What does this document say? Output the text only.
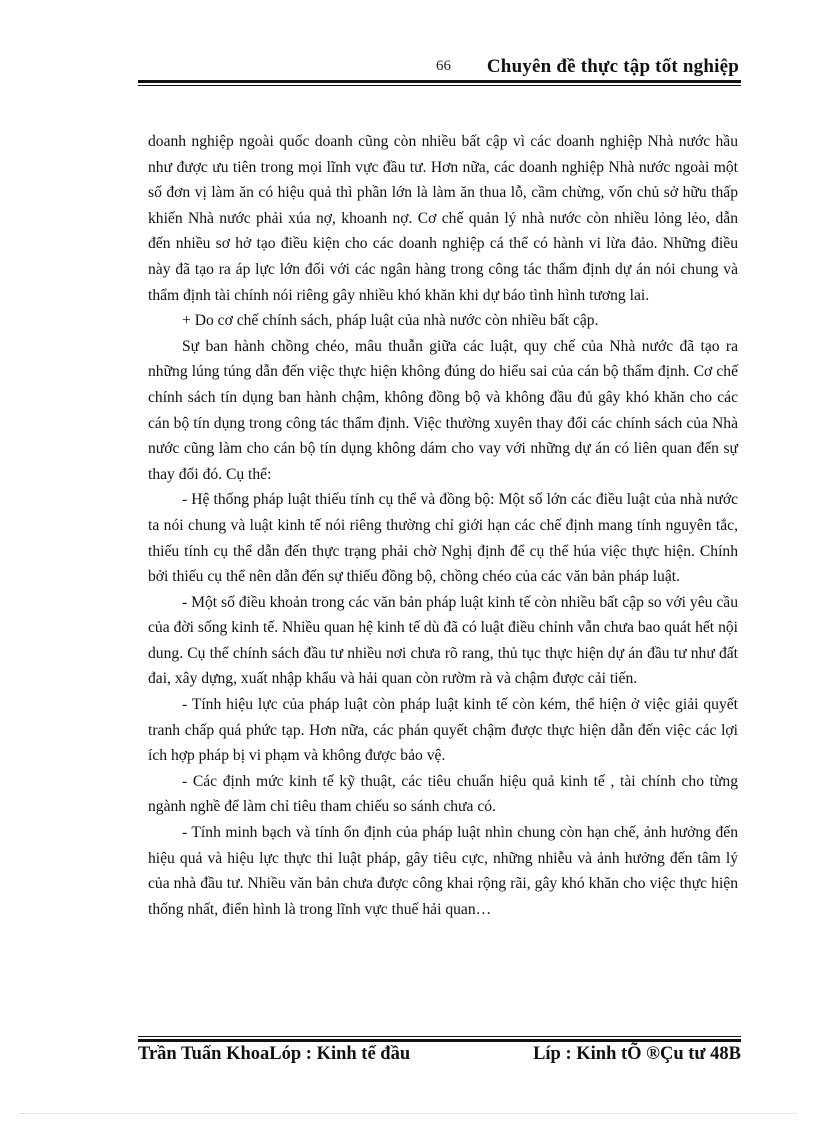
66 Chuyên đề thực tập tốt nghiệp

doanh nghiệp ngoài quốc doanh cũng còn nhiều bất cập vì các doanh nghiệp Nhà nước hầu như được ưu tiên trong mọi lĩnh vực đầu tư. Hơn nữa, các doanh nghiệp Nhà nước ngoài một số đơn vị làm ăn có hiệu quả thì phần lớn là làm ăn thua lỗ, cầm chừng, vốn chủ sở hữu thấp khiến Nhà nước phải xúa nợ, khoanh nợ. Cơ chế quản lý nhà nước còn nhiều lỏng lẻo, dẫn đến nhiều sơ hở tạo điều kiện cho các doanh nghiệp cá thể có hành vi lừa đảo. Những điều này đã tạo ra áp lực lớn đối với các ngân hàng trong công tác thẩm định dự án nói chung và thẩm định tài chính nói riêng gây nhiều khó khăn khi dự báo tình hình tương lai.

+ Do cơ chế chính sách, pháp luật của nhà nước còn nhiều bất cập.

Sự ban hành chồng chéo, mâu thuẫn giữa các luật, quy chế của Nhà nước đã tạo ra những lúng túng dẫn đến việc thực hiện không đúng do hiểu sai của cán bộ thẩm định. Cơ chế chính sách tín dụng ban hành chậm, không đồng bộ và không đầu đủ gây khó khăn cho các cán bộ tín dụng trong công tác thẩm định. Việc thường xuyên thay đổi các chính sách của Nhà nước cũng làm cho cán bộ tín dụng không dám cho vay với những dự án có liên quan đến sự thay đổi đó. Cụ thể:

- Hệ thống pháp luật thiếu tính cụ thể và đồng bộ: Một số lớn các điều luật của nhà nước ta nói chung và luật kinh tế nói riêng thường chỉ giới hạn các chế định mang tính nguyên tắc, thiếu tính cụ thể dẫn đến thực trạng phải chờ Nghị định để cụ thể húa việc thực hiện. Chính bởi thiếu cụ thể nên dẫn đến sự thiếu đồng bộ, chồng chéo của các văn bản pháp luật.

- Một số điều khoản trong các văn bản pháp luật kinh tế còn nhiều bất cập so với yêu cầu của đời sống kinh tế. Nhiều quan hệ kinh tế dù đã có luật điều chỉnh vẫn chưa bao quát hết nội dung. Cụ thể chính sách đầu tư nhiều nơi chưa rõ rang, thủ tục thực hiện dự án đầu tư như đất đai, xây dựng, xuất nhập khẩu và hải quan còn rườm rà và chậm được cải tiến.

- Tính hiệu lực của pháp luật còn pháp luật kinh tế còn kém, thể hiện ở việc giải quyết tranh chấp quá phức tạp. Hơn nữa, các phán quyết chậm được thực hiện dẫn đến việc các lợi ích hợp pháp bị vi phạm và không được bảo vệ.

- Các định mức kinh tế kỹ thuật, các tiêu chuẩn hiệu quả kinh tế , tài chính cho từng ngành nghề để làm chỉ tiêu tham chiếu so sánh chưa có.

- Tính minh bạch và tính ổn định của pháp luật nhìn chung còn hạn chế, ảnh hưởng đến hiệu quả và hiệu lực thực thi luật pháp, gây tiêu cực, những nhiễu và ảnh hưởng đến tâm lý của nhà đầu tư. Nhiều văn bản chưa được công khai rộng rãi, gây khó khăn cho việc thực hiện thống nhất, điển hình là trong lĩnh vực thuế hải quan…

Trần Tuấn KhoaLóp : Kinh tế đầu	Líp : Kinh tÕ ®Çu tư 48B
